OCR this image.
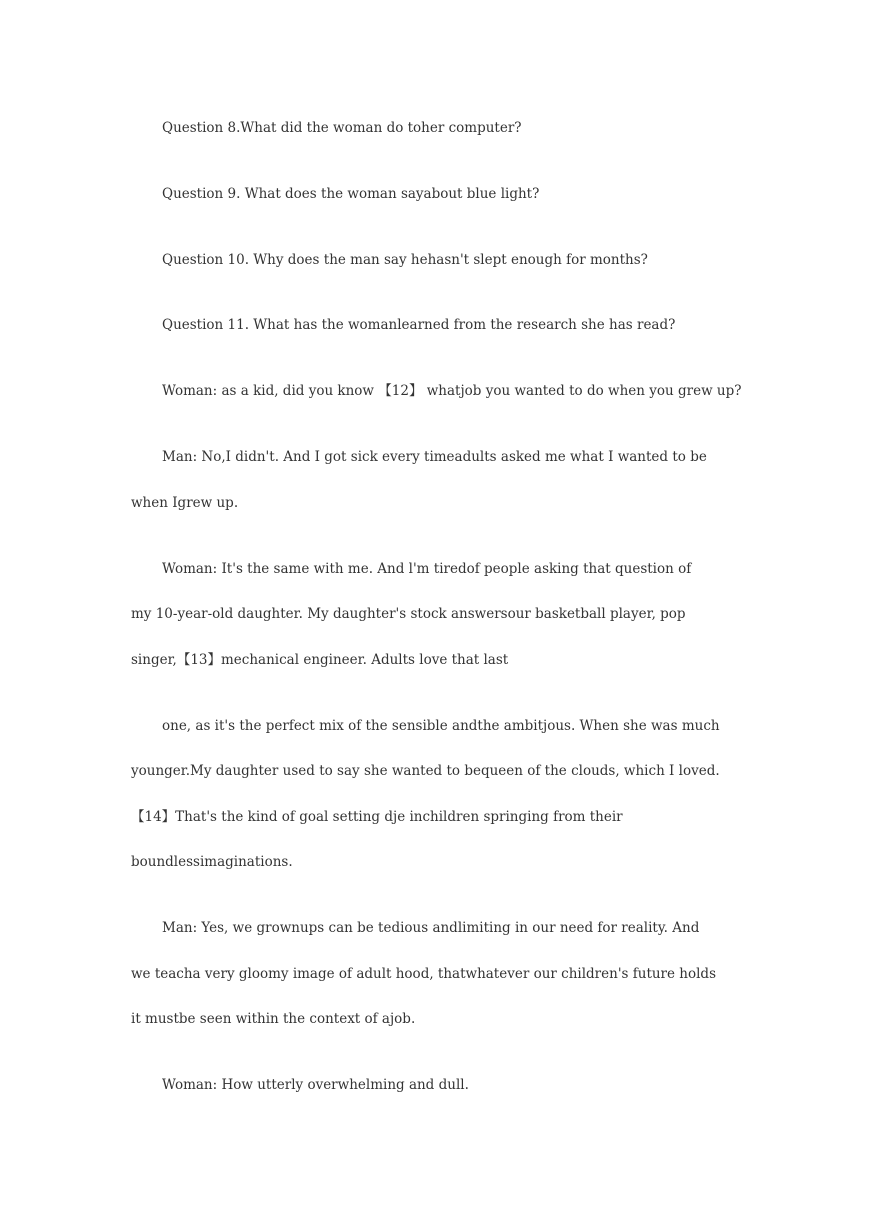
Question 8.What did the woman do toher computer?
Question 9. What does the woman sayabout blue light?
Question 10. Why does the man say hehasn't slept enough for months?
Question 11. What has the womanlearned from the research she has read?
Woman: as a kid, did you know 【12】 whatjob you wanted to do when you grew up?
Man: No,I didn't. And I got sick every timeadults asked me what I wanted to be
when Igrew up.
Woman: It's the same with me. And l'm tiredof people asking that question of
my 10-year-old daughter. My daughter's stock answersour basketball player, pop
singer,【13】mechanical engineer. Adults love that last
one, as it's the perfect mix of the sensible andthe ambitjous. When she was much
younger.My daughter used to say she wanted to bequeen of the clouds, which I loved.
【14】That's the kind of goal setting dje inchildren springing from their
boundlessimaginations.
Man: Yes, we grownups can be tedious andlimiting in our need for reality. And
we teacha very gloomy image of adult hood, thatwhatever our children's future holds
it mustbe seen within the context of ajob.
Woman: How utterly overwhelming and dull.
